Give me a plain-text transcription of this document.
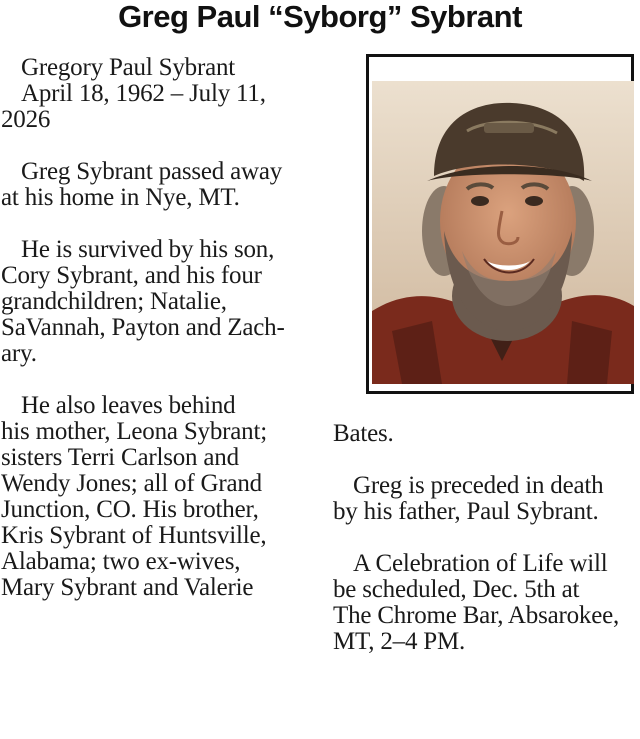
Greg Paul “Syborg” Sybrant
Gregory Paul Sybrant
April 18, 1962 – July 11,
2026
Greg Sybrant passed away
at his home in Nye, MT.
He is survived by his son,
Cory Sybrant, and his four
grandchildren; Natalie,
SaVannah, Payton and Zach-
ary.
He also leaves behind
his mother, Leona Sybrant;
sisters Terri Carlson and
Wendy Jones; all of Grand
Junction, CO. His brother,
Kris Sybrant of Huntsville,
Alabama; two ex-wives,
Mary Sybrant and Valerie
Bates.
Greg is preceded in death
by his father, Paul Sybrant.
A Celebration of Life will
be scheduled, Dec. 5th at
The Chrome Bar, Absarokee,
MT, 2–4 PM.
